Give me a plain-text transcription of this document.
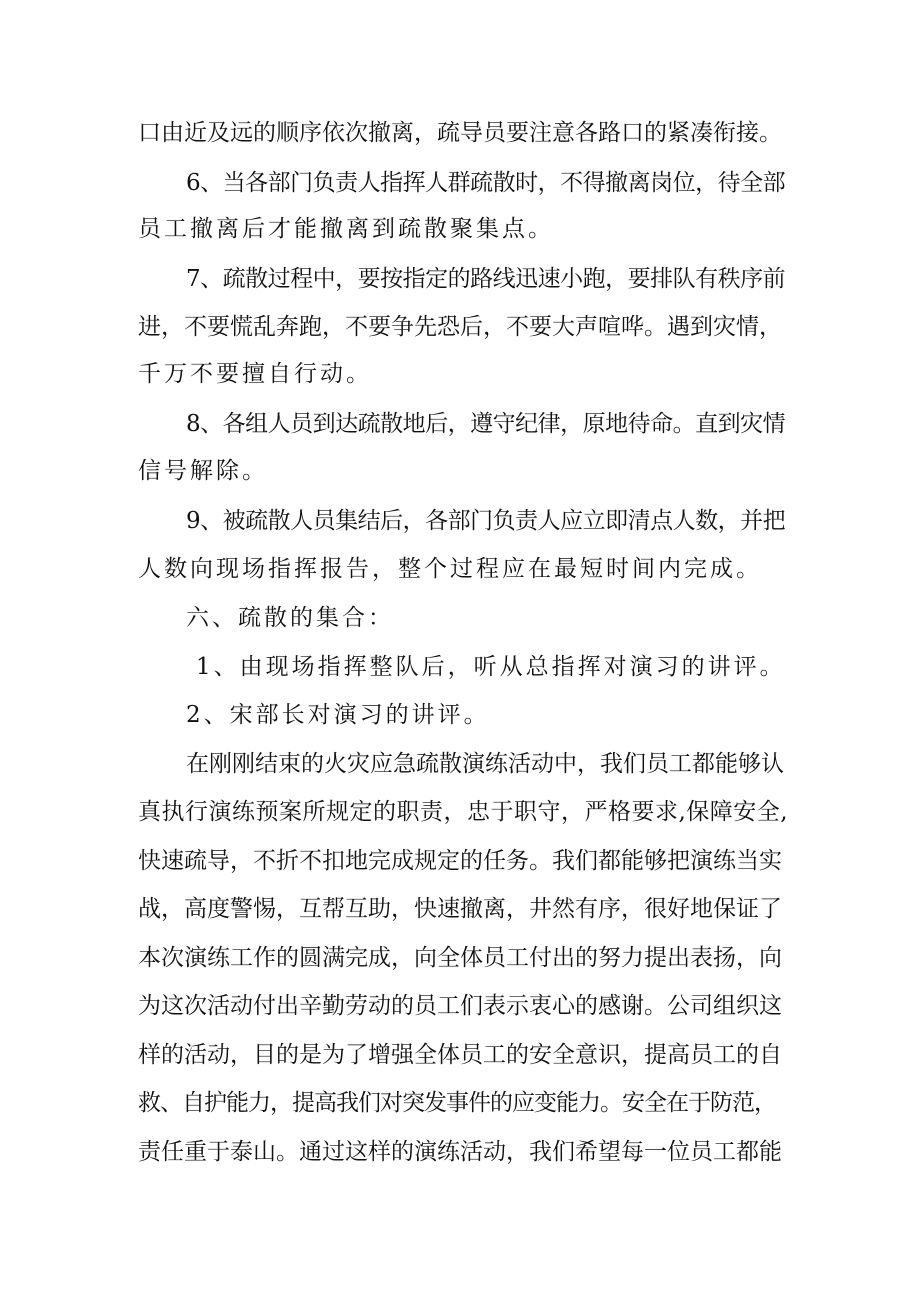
口由近及远的顺序依次撤离，疏导员要注意各路口的紧凑衔接。
6、当各部门负责人指挥人群疏散时，不得撤离岗位，待全部
员工撤离后才能撤离到疏散聚集点。
7、疏散过程中，要按指定的路线迅速小跑，要排队有秩序前
进，不要慌乱奔跑，不要争先恐后，不要大声喧哗。遇到灾情，
千万不要擅自行动。
8、各组人员到达疏散地后，遵守纪律，原地待命。直到灾情
信号解除。
9、被疏散人员集结后，各部门负责人应立即清点人数，并把
人数向现场指挥报告，整个过程应在最短时间内完成。
六、疏散的集合：
1、由现场指挥整队后，听从总指挥对演习的讲评。
2、宋部长对演习的讲评。
在刚刚结束的火灾应急疏散演练活动中，我们员工都能够认
真执行演练预案所规定的职责，忠于职守，严格要求,保障安全,
快速疏导，不折不扣地完成规定的任务。我们都能够把演练当实
战，高度警惕，互帮互助，快速撤离，井然有序，很好地保证了
本次演练工作的圆满完成，向全体员工付出的努力提出表扬，向
为这次活动付出辛勤劳动的员工们表示衷心的感谢。公司组织这
样的活动，目的是为了增强全体员工的安全意识，提高员工的自
救、自护能力，提高我们对突发事件的应变能力。安全在于防范，
责任重于泰山。通过这样的演练活动，我们希望每一位员工都能
